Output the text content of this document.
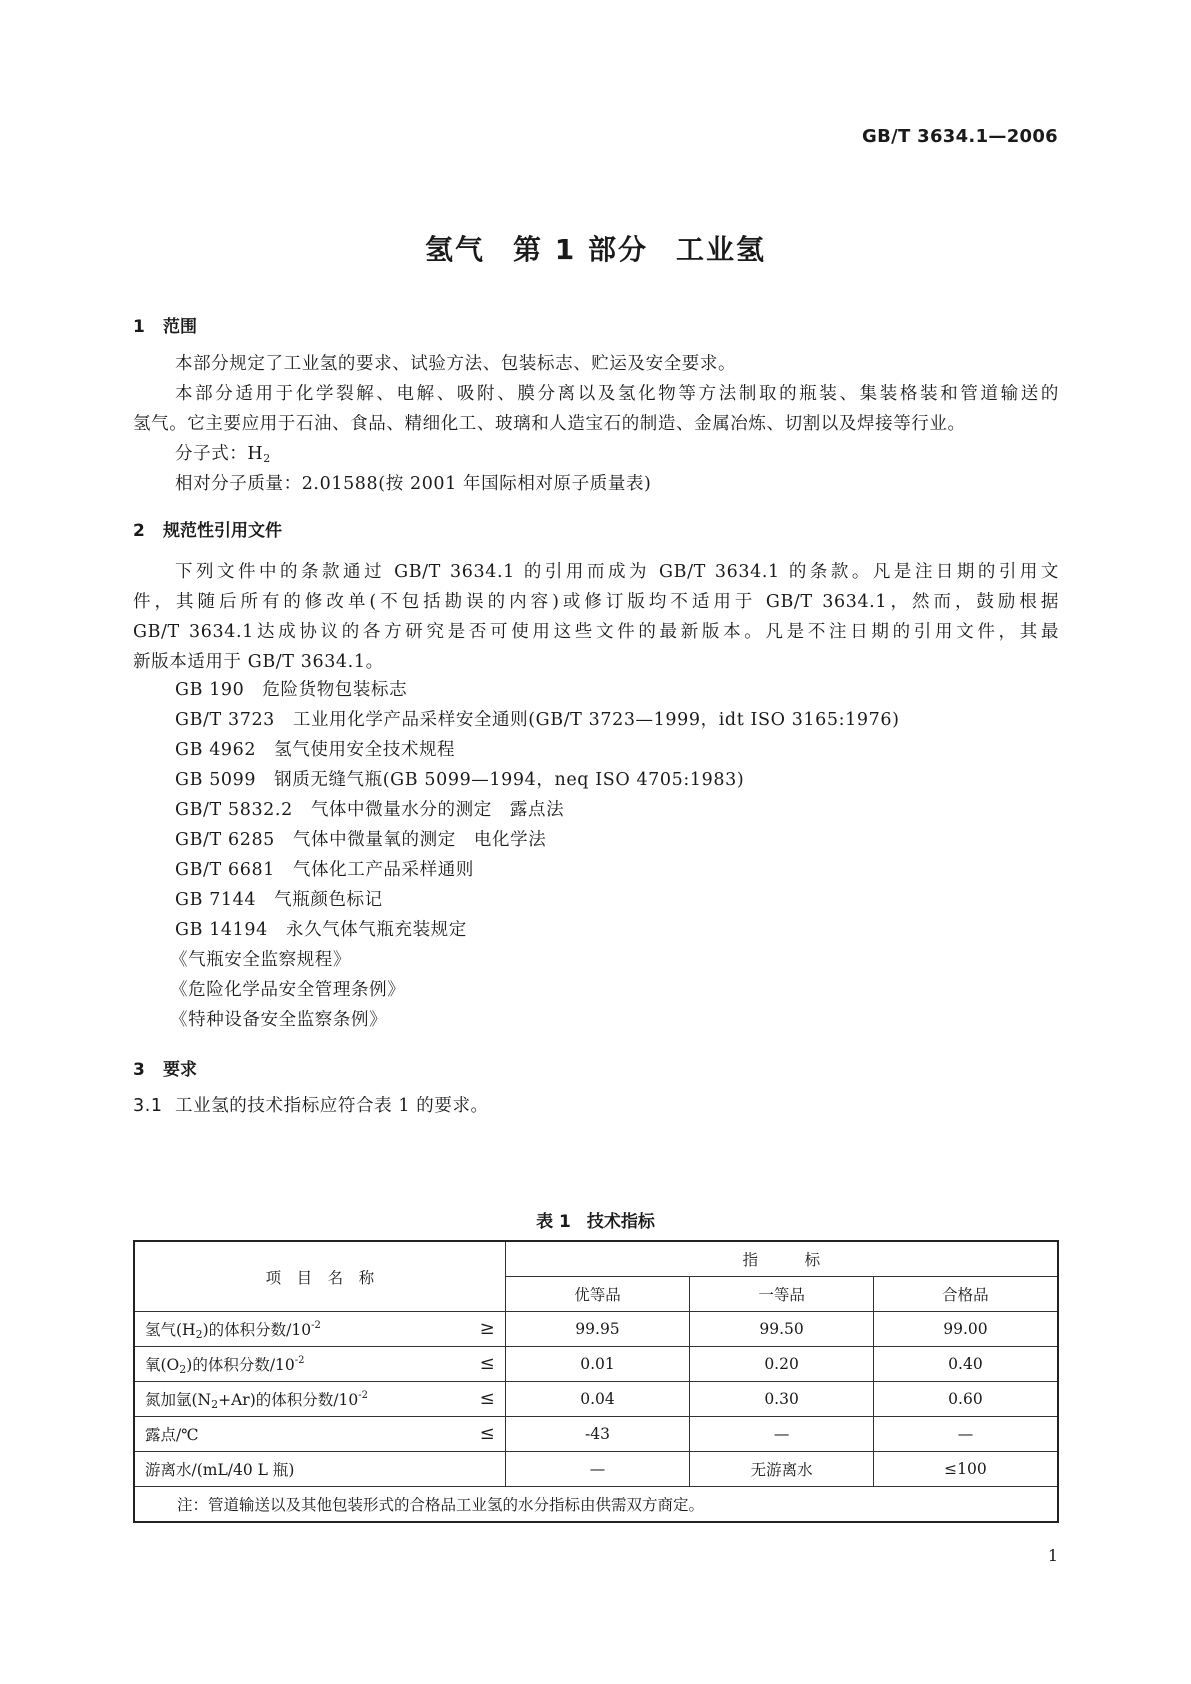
GB/T 3634.1—2006
氢气 第 1 部分 工业氢
1 范围
本部分规定了工业氢的要求、试验方法、包装标志、贮运及安全要求。
本部分适用于化学裂解、电解、吸附、膜分离以及氢化物等方法制取的瓶装、集装格装和管道输送的
氢气。它主要应用于石油、食品、精细化工、玻璃和人造宝石的制造、金属冶炼、切割以及焊接等行业。
分子式：$H_2$
相对分子质量：2.01588(按 2001 年国际相对原子质量表)
2 规范性引用文件
下列文件中的条款通过 GB/T 3634.1 的引用而成为 GB/T 3634.1 的条款。凡是注日期的引用文
件，其随后所有的修改单(不包括勘误的内容)或修订版均不适用于 GB/T 3634.1，然而，鼓励根据
GB/T 3634.1达成协议的各方研究是否可使用这些文件的最新版本。凡是不注日期的引用文件，其最
新版本适用于 GB/T 3634.1。
GB 190 危险货物包装标志
GB/T 3723 工业用化学产品采样安全通则(GB/T 3723—1999，idt ISO 3165:1976)
GB 4962 氢气使用安全技术规程
GB 5099 钢质无缝气瓶(GB 5099—1994，neq ISO 4705:1983)
GB/T 5832.2 气体中微量水分的测定　露点法
GB/T 6285 气体中微量氧的测定　电化学法
GB/T 6681 气体化工产品采样通则
GB 7144 气瓶颜色标记
GB 14194 永久气体气瓶充装规定
《气瓶安全监察规程》
《危险化学品安全管理条例》
《特种设备安全监察条例》
3 要求
3.1 工业氢的技术指标应符合表 1 的要求。
表 1 技术指标
项　目　名　称	指　　　标		
	优等品	一等品	合格品
氢气$(H_2)$的体积分数$/10^{-2}$ ≥	99.95	99.50	99.00
氧$(O_2)$的体积分数$/10^{-2}$ ≤	0.01	0.20	0.40
氮加氩$(N_2+Ar)$的体积分数$/10^{-2}$ ≤	0.04	0.30	0.60
露点/℃ ≤	-43	—	—
游离水/(mL/40 L 瓶)	—	无游离水	≤100
注：管道输送以及其他包装形式的合格品工业氢的水分指标由供需双方商定。			
1
